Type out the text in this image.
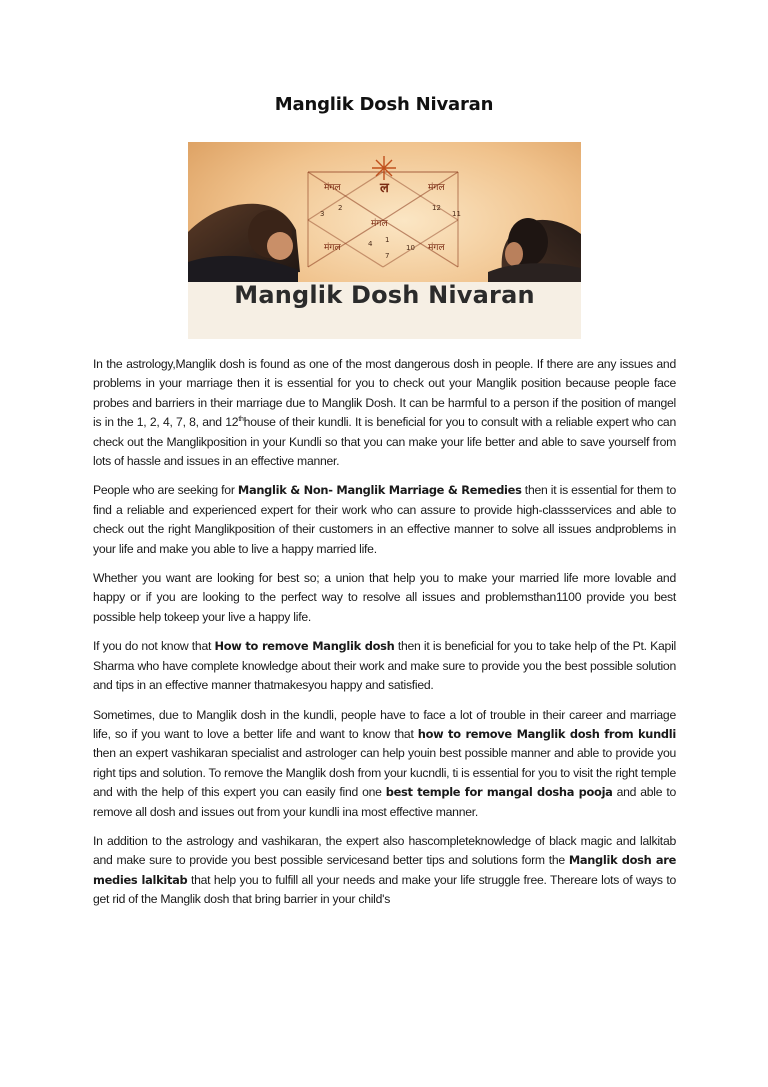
Manglik Dosh Nivaran
ल
मंगल	मंगल
मंगल
मंगल	मंगल
2
3
12
11
4 1
7
10
Manglik Dosh Nivaran

In the astrology,Manglik dosh is found as one of the most dangerous dosh in people. If there are any issues and problems in your marriage then it is essential for you to check out your Manglik position because people face probes and barriers in their marriage due to Manglik Dosh. It can be harmful to a person if the position of mangel is in the 1, 2, 4, 7, 8, and 12thhouse of their kundli. It is beneficial for you to consult with a reliable expert who can check out the Manglikposition in your Kundli so that you can make your life better and able to save yourself from lots of hassle and issues in an effective manner.

People who are seeking for Manglik & Non- Manglik Marriage & Remedies then it is essential for them to find a reliable and experienced expert for their work who can assure to provide high-classservices and able to check out the right Manglikposition of their customers in an effective manner to solve all issues andproblems in your life and make you able to live a happy married life.

Whether you want are looking for best so; a union that help you to make your married life more lovable and happy or if you are looking to the perfect way to resolve all issues and problemsthan1100 provide you best possible help tokeep your live a happy life.

If you do not know that How to remove Manglik dosh then it is beneficial for you to take help of the Pt. Kapil Sharma who have complete knowledge about their work and make sure to provide you the best possible solution and tips in an effective manner thatmakesyou happy and satisfied.

Sometimes, due to Manglik dosh in the kundli, people have to face a lot of trouble in their career and marriage life, so if you want to love a better life and want to know that how to remove Manglik dosh from kundli then an expert vashikaran specialist and astrologer can help youin best possible manner and able to provide you right tips and solution. To remove the Manglik dosh from your kucndli, ti is essential for you to visit the right temple and with the help of this expert you can easily find one best temple for mangal dosha pooja and able to remove all dosh and issues out from your kundli ina most effective manner.

In addition to the astrology and vashikaran, the expert also hascompleteknowledge of black magic and lalkitab and make sure to provide you best possible servicesand better tips and solutions form the Manglik dosh are medies lalkitab that help you to fulfill all your needs and make your life struggle free. Thereare lots of ways to get rid of the Manglik dosh that bring barrier in your child's
